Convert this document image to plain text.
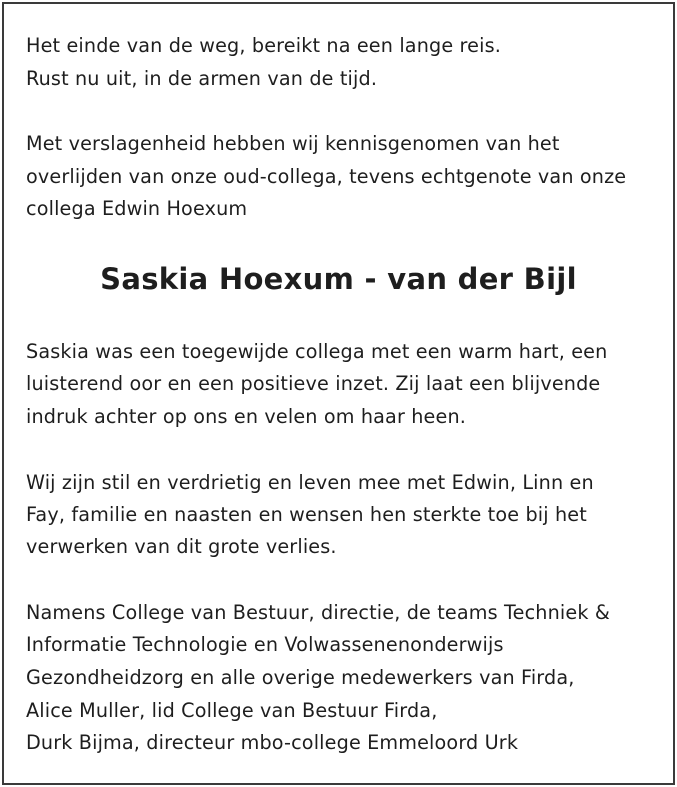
Het einde van de weg, bereikt na een lange reis.

Rust nu uit, in de armen van de tijd.

Met verslagenheid hebben wij kennisgenomen van het

overlijden van onze oud-collega, tevens echtgenote van onze

collega Edwin Hoexum

Saskia Hoexum - van der Bijl

Saskia was een toegewijde collega met een warm hart, een

luisterend oor en een positieve inzet. Zij laat een blijvende

indruk achter op ons en velen om haar heen.

Wij zijn stil en verdrietig en leven mee met Edwin, Linn en

Fay, familie en naasten en wensen hen sterkte toe bij het

verwerken van dit grote verlies.

Namens College van Bestuur, directie, de teams Techniek &

Informatie Technologie en Volwassenenonderwijs

Gezondheidzorg en alle overige medewerkers van Firda,

Alice Muller, lid College van Bestuur Firda,

Durk Bijma, directeur mbo-college Emmeloord Urk
